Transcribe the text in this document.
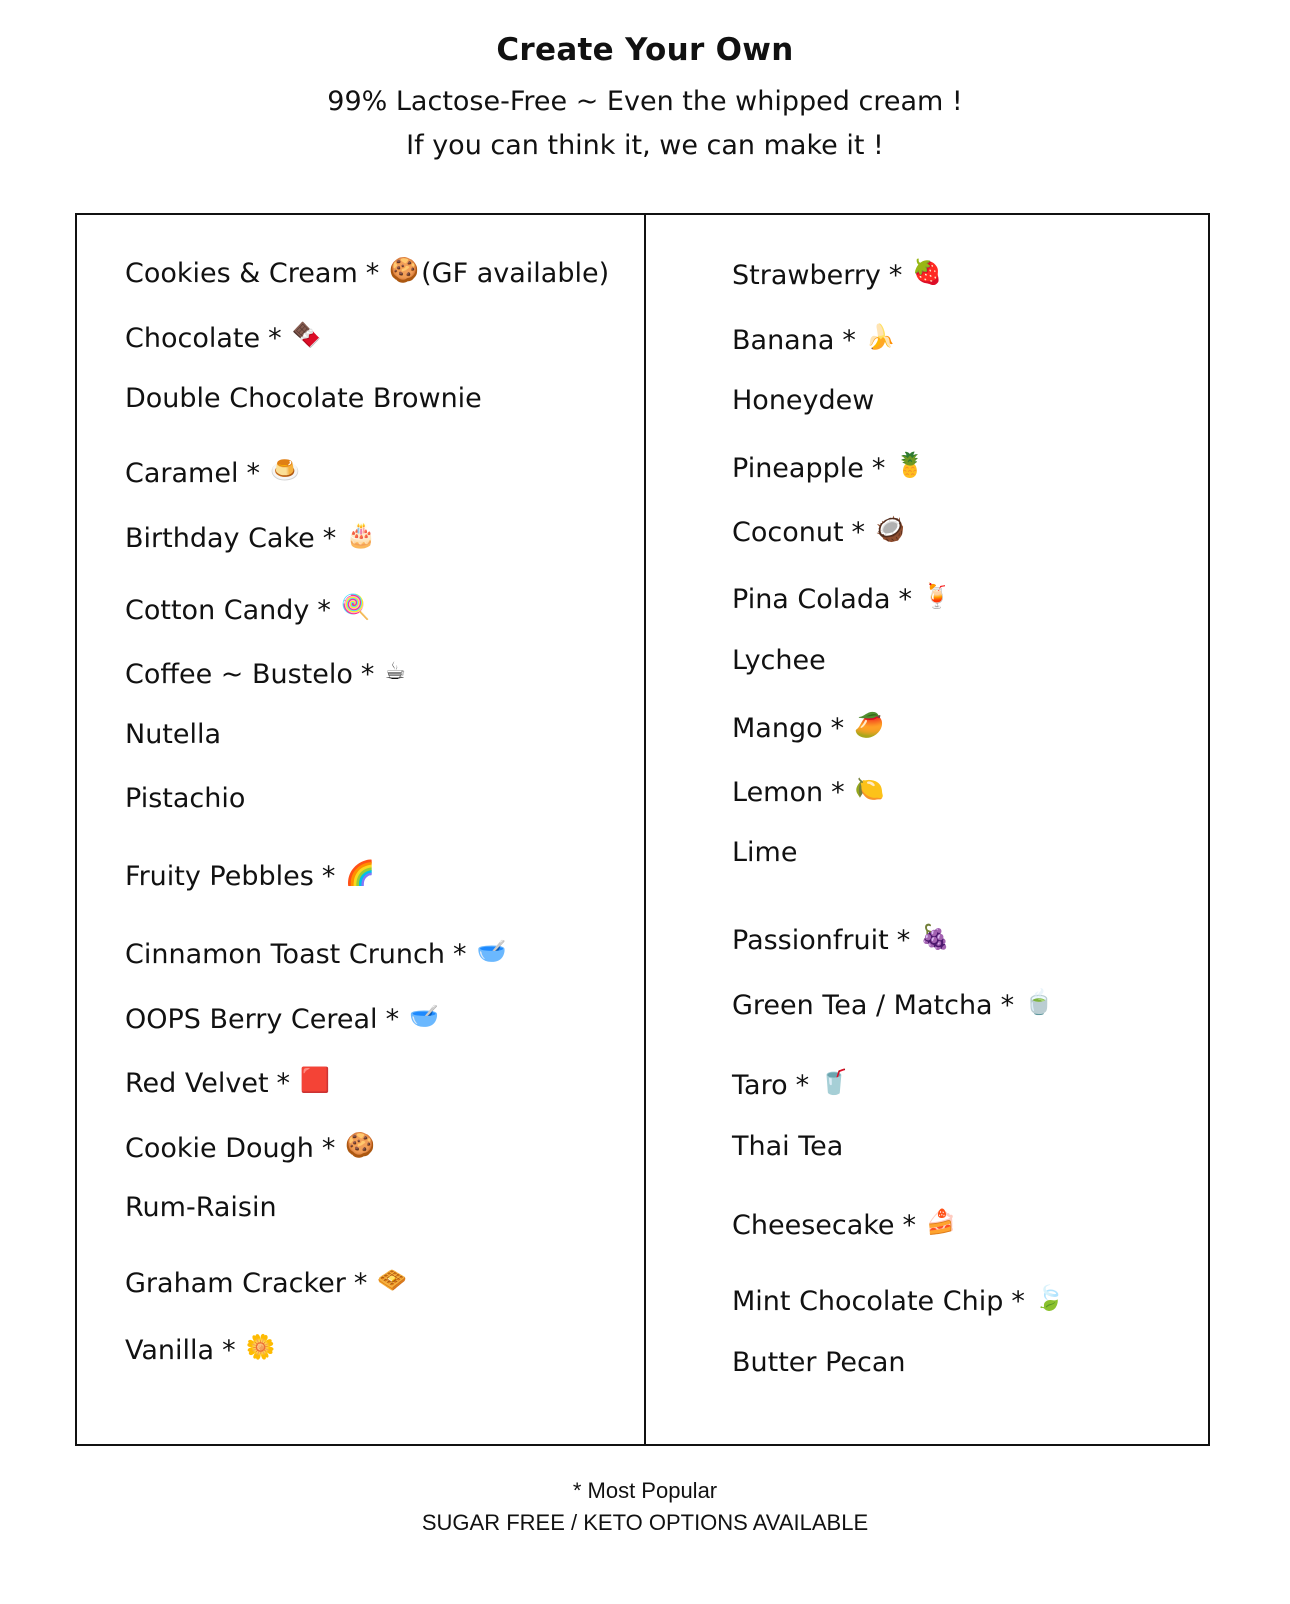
Create Your Own
99% Lactose-Free ~ Even the whipped cream !
If you can think it, we can make it !
Cookies & Cream * 🍪(GF available)
Chocolate * 🍫
Double Chocolate Brownie
Caramel * 🍮
Birthday Cake * 🎂
Cotton Candy * 🍭
Coffee ~ Bustelo * ☕
Nutella
Pistachio
Fruity Pebbles * 🌈
Cinnamon Toast Crunch * 🥣
OOPS Berry Cereal * 🥣
Red Velvet * 🟥
Cookie Dough * 🍪
Rum-Raisin
Graham Cracker * 🧇
Vanilla * 🌼
Strawberry * 🍓
Banana * 🍌
Honeydew
Pineapple * 🍍
Coconut * 🥥
Pina Colada * 🍹
Lychee
Mango * 🥭
Lemon * 🍋
Lime
Passionfruit * 🍇
Green Tea / Matcha * 🍵
Taro * 🥤
Thai Tea
Cheesecake * 🍰
Mint Chocolate Chip * 🍃
Butter Pecan
* Most Popular
SUGAR FREE / KETO OPTIONS AVAILABLE
